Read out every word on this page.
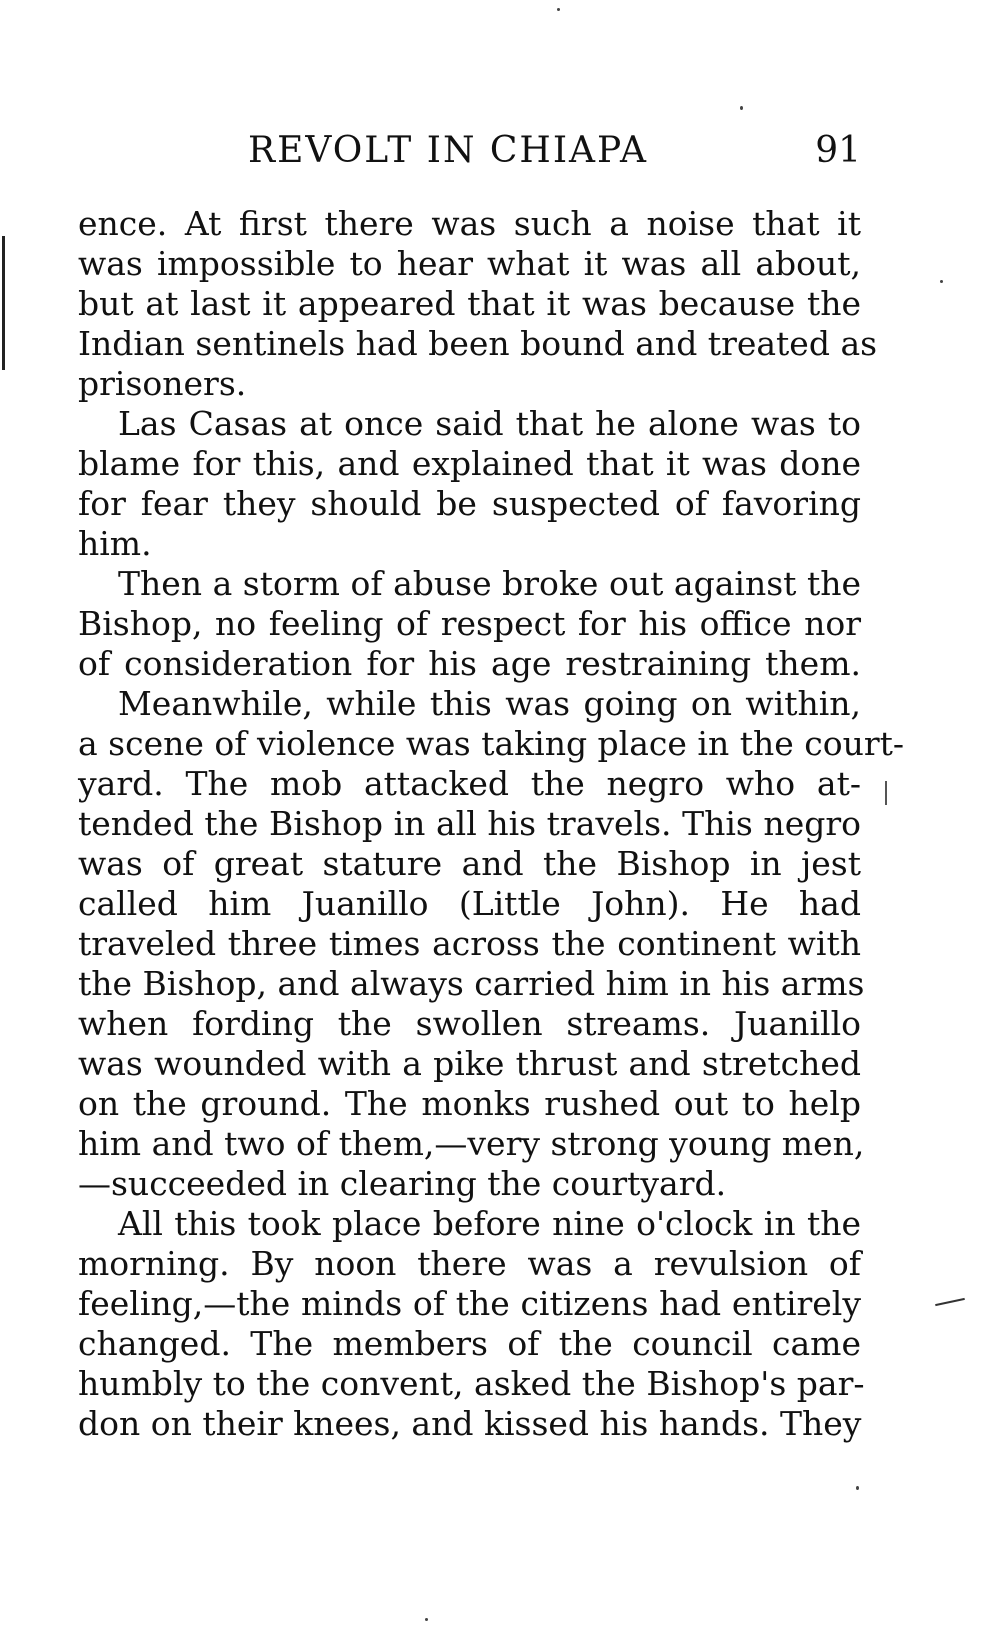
REVOLT IN CHIAPA	91
ence. At first there was such a noise that it
was impossible to hear what it was all about,
but at last it appeared that it was because the
Indian sentinels had been bound and treated as
prisoners.
Las Casas at once said that he alone was to
blame for this, and explained that it was done
for fear they should be suspected of favoring
him.
Then a storm of abuse broke out against the
Bishop, no feeling of respect for his office nor
of consideration for his age restraining them.
Meanwhile, while this was going on within,
a scene of violence was taking place in the court-
yard. The mob attacked the negro who at-
tended the Bishop in all his travels. This negro
was of great stature and the Bishop in jest
called him Juanillo (Little John). He had
traveled three times across the continent with
the Bishop, and always carried him in his arms
when fording the swollen streams. Juanillo
was wounded with a pike thrust and stretched
on the ground. The monks rushed out to help
him and two of them,—very strong young men,
—succeeded in clearing the courtyard.
All this took place before nine o'clock in the
morning. By noon there was a revulsion of
feeling,—the minds of the citizens had entirely
changed. The members of the council came
humbly to the convent, asked the Bishop's par-
don on their knees, and kissed his hands. They
